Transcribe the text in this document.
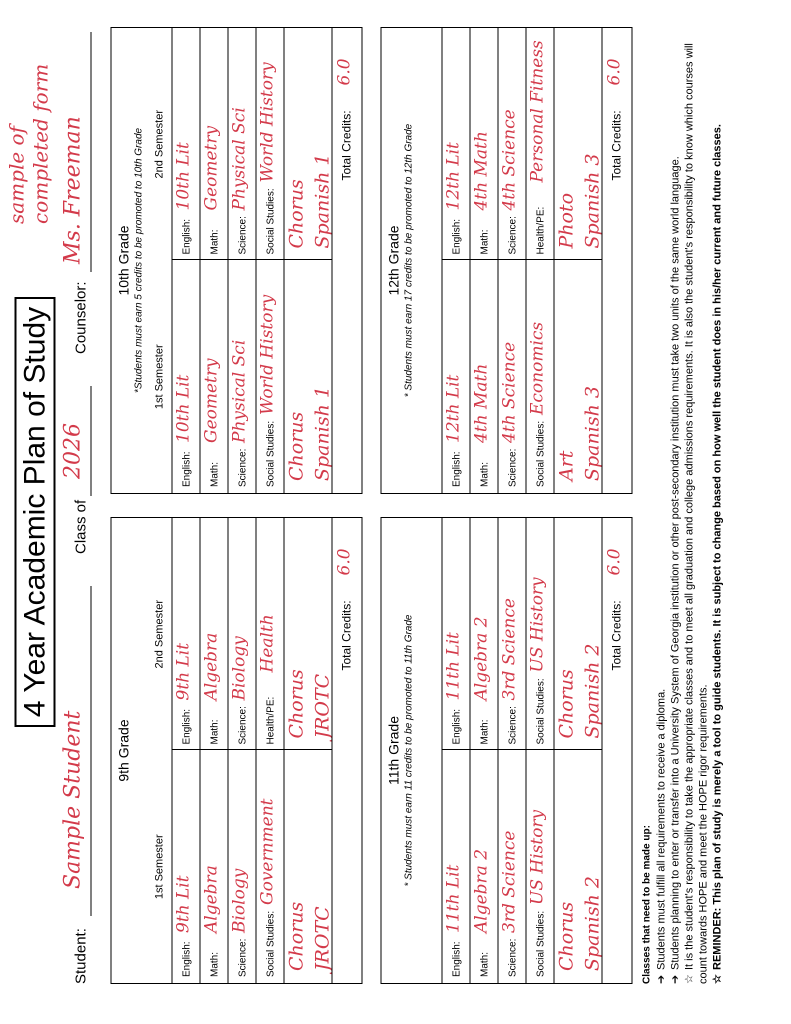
4 Year Academic Plan of Study
Student:
Sample Student
Class of
2026
Counselor:
Ms. Freeman
sample of completed form
9th Grade
1st Semester
2nd Semester
English:
9th Lit
English:
9th Lit
Math:
Algebra
Math:
Algebra
Science:
Biology
Science:
Biology
Social Studies:
Government
Health/PE:
Health
Chorus JROTC
Chorus JROTC
Total Credits:
6.0
10th Grade *Students must earn 5 credits to be promoted to 10th Grade 1st Semester
2nd Semester
English:
10th Lit
English:
10th Lit
Math:
Geometry
Math:
Geometry
Science:
Physical Sci
Science:
Physical Sci
Social Studies:
World History
Social Studies:
World History
Chorus Spanish 1
Chorus Spanish 1
Total Credits:
6.0
11th Grade * Students must earn 11 credits to be promoted to 11th Grade
English:
11th Lit
English:
11th Lit
Math:
Algebra 2
Math:
Algebra 2
Science:
3rd Science
Science:
3rd Science
Social Studies:
US History
Social Studies:
US History
Chorus Spanish 2
Chorus Spanish 2
Total Credits:
6.0
12th Grade * Students must earn 17 credits to be promoted to 12th Grade
English:
12th Lit
English:
12th Lit
Math:
4th Math
Math:
4th Math
Science:
4th Science
Science:
4th Science
Social Studies:
Economics
Health/PE:
Personal Fitness
Art Spanish 3
Photo Spanish 3
Total Credits:
6.0
Classes that need to be made up: ➔Students must fulfill all requirements to receive a diploma.
➔Students planning to enter or transfer into a University System of Georgia institution or other post-secondary institution must take two units of the same world language.
☆It is the student's responsibility to take the appropriate classes and to meet all graduation and college admissions requirements. It is also the student's responsibility to know which courses will count towards HOPE and meet the HOPE rigor requirements. ☆REMINDER: This plan of study is merely a tool to guide students. It is subject to change based on how well the student does in his/her current and future classes.
